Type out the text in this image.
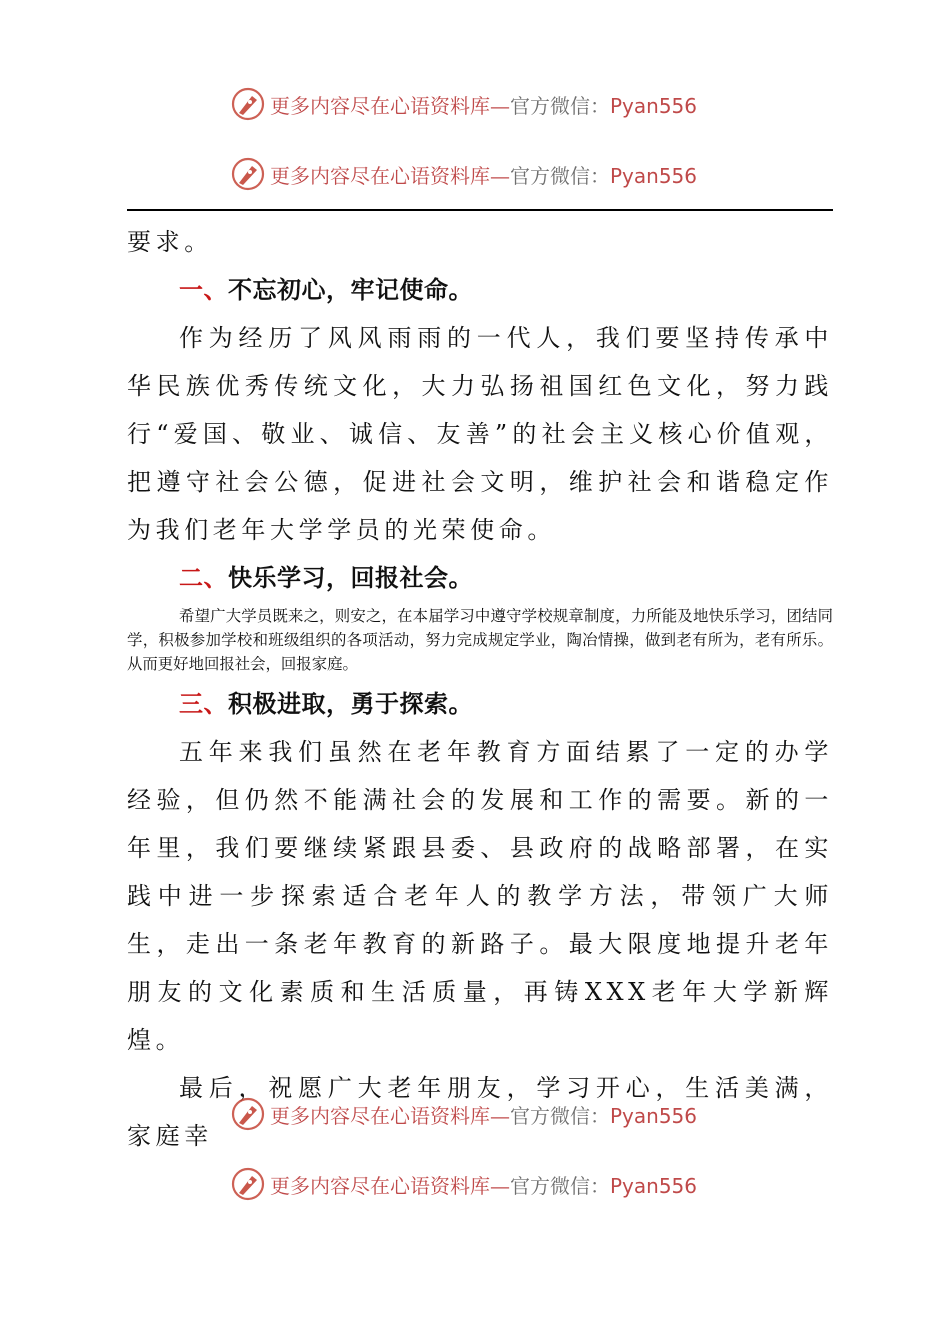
更多内容尽在心语资料库—官方微信：Pyan556
更多内容尽在心语资料库—官方微信：Pyan556

要求。

一、不忘初心，牢记使命。

作为经历了风风雨雨的一代人，我们要坚持传承中华民族优秀传统文化，大力弘扬祖国红色文化，努力践行“爱国、敬业、诚信、友善”的社会主义核心价值观，把遵守社会公德，促进社会文明，维护社会和谐稳定作为我们老年大学学员的光荣使命。

二、快乐学习，回报社会。

希望广大学员既来之，则安之，在本届学习中遵守学校规章制度，力所能及地快乐学习，团结同学，积极参加学校和班级组织的各项活动，努力完成规定学业，陶冶情操，做到老有所为，老有所乐。从而更好地回报社会，回报家庭。

三、积极进取，勇于探索。

五年来我们虽然在老年教育方面结累了一定的办学经验，但仍然不能满社会的发展和工作的需要。新的一年里，我们要继续紧跟县委、县政府的战略部署，在实践中进一步探索适合老年人的教学方法，带领广大师生，走出一条老年教育的新路子。最大限度地提升老年朋友的文化素质和生活质量，再铸XXX老年大学新辉煌。

最后，祝愿广大老年朋友，学习开心，生活美满，家庭幸

更多内容尽在心语资料库—官方微信：Pyan556
更多内容尽在心语资料库—官方微信：Pyan556
